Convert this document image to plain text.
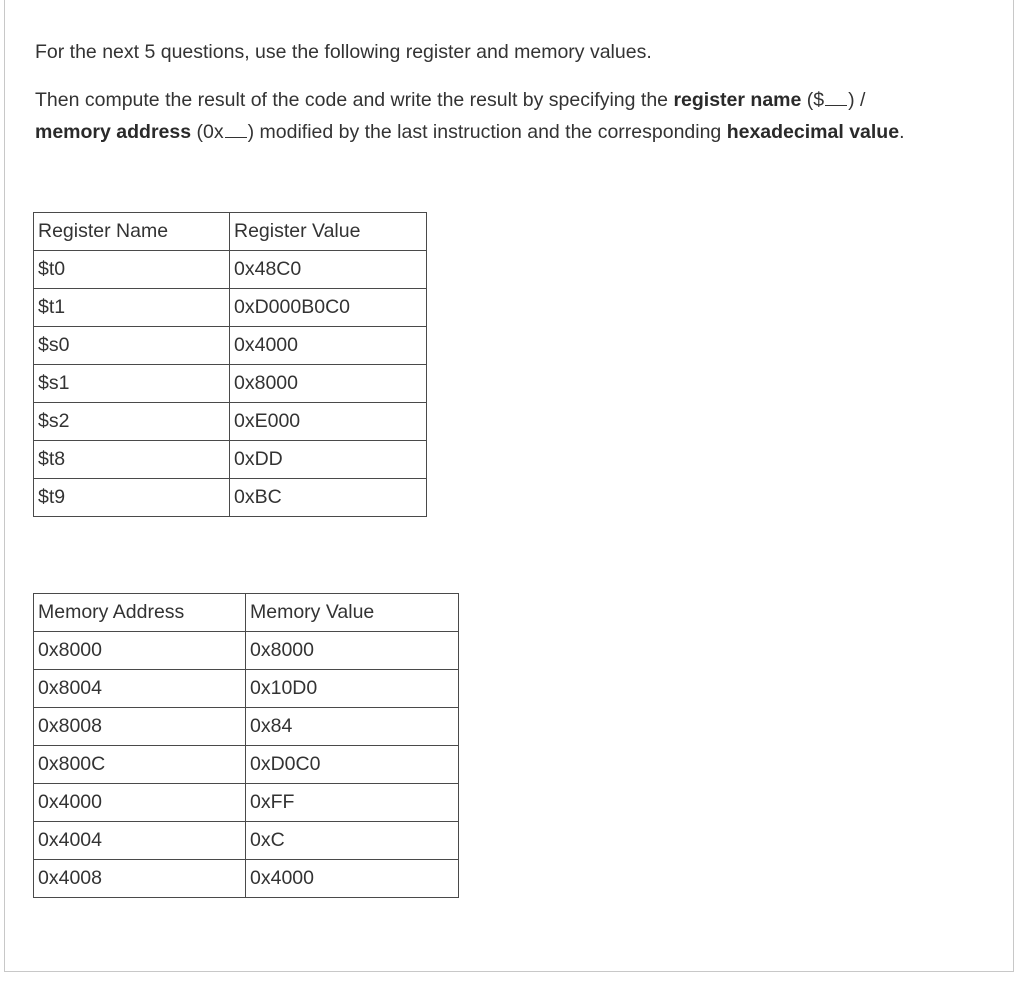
For the next 5 questions, use the following register and memory values.

Then compute the result of the code and write the result by specifying the register name ($ ) /
memory address (0x ) modified by the last instruction and the corresponding hexadecimal value.

Register Name	Register Value
$t0	0x48C0
$t1	0xD000B0C0
$s0	0x4000
$s1	0x8000
$s2	0xE000
$t8	0xDD
$t9	0xBC
Memory Address	Memory Value
0x8000	0x8000
0x8004	0x10D0
0x8008	0x84
0x800C	0xD0C0
0x4000	0xFF
0x4004	0xC
0x4008	0x4000
